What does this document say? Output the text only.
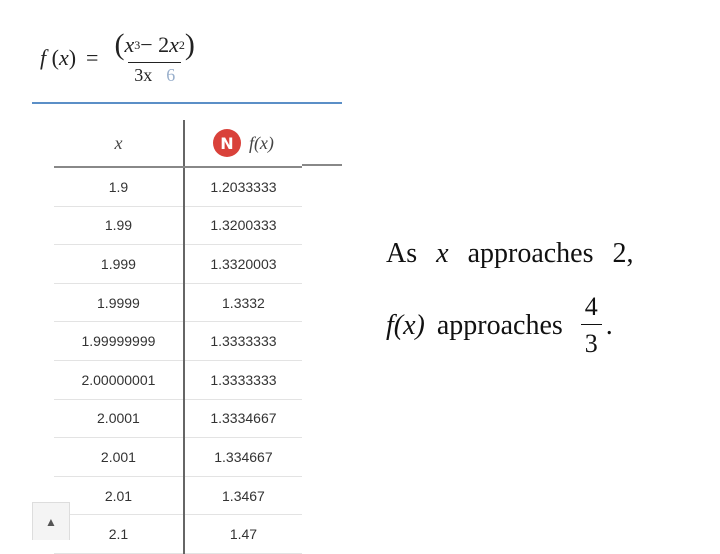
f ( x ) = $\frac{( x 3 - 2 x 2 )}{3x 6}$
x	N f(x)

1.9	1.2033333
1.99	1.3200333
1.999	1.3320003
1.9999	1.3332
1.99999999	1.3333333
2.00000001	1.3333333
2.0001	1.3334667
2.001	1.334667
2.01	1.3467
2.1	1.47
▲
As x approaches 2,
f (x) approaches $\frac{4}{3}$ .
